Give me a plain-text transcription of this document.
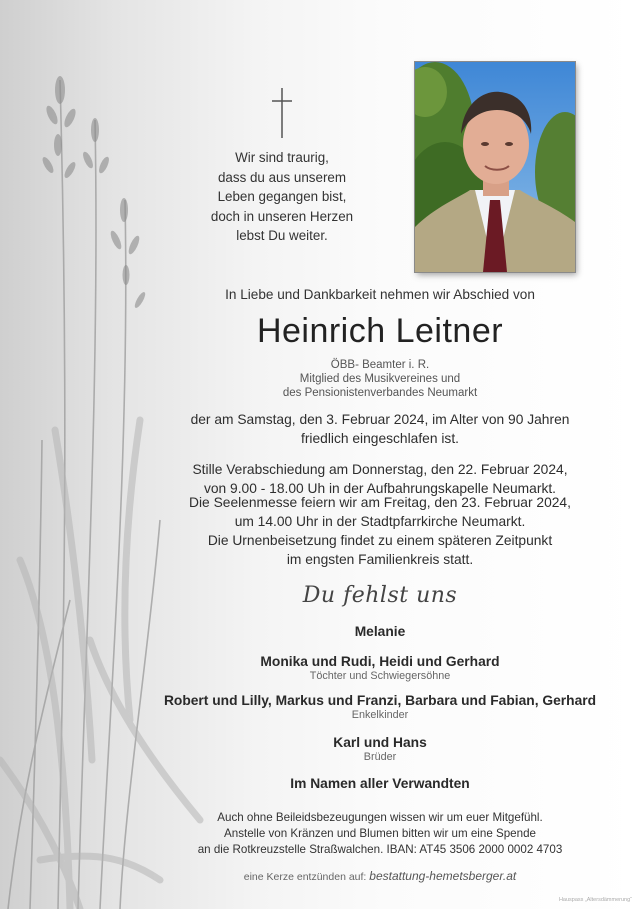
Wir sind traurig,
dass du aus unserem
Leben gegangen bist,
doch in unseren Herzen
lebst Du weiter.
In Liebe und Dankbarkeit nehmen wir Abschied von
Heinrich Leitner
ÖBB- Beamter i. R.
Mitglied des Musikvereines und
des Pensionistenverbandes Neumarkt
der am Samstag, den 3. Februar 2024, im Alter von 90 Jahren
friedlich eingeschlafen ist.
Stille Verabschiedung am Donnerstag, den 22. Februar 2024,
von 9.00 - 18.00 Uh in der Aufbahrungskapelle Neumarkt.
Die Seelenmesse feiern wir am Freitag, den 23. Februar 2024,
um 14.00 Uhr in der Stadtpfarrkirche Neumarkt.
Die Urnenbeisetzung findet zu einem späteren Zeitpunkt
im engsten Familienkreis statt.
Du fehlst uns
Melanie
Monika und Rudi, Heidi und Gerhard
Töchter und Schwiegersöhne
Robert und Lilly, Markus und Franzi, Barbara und Fabian, Gerhard
Enkelkinder
Karl und Hans
Brüder
Im Namen aller Verwandten
Auch ohne Beileidsbezeugungen wissen wir um euer Mitgefühl.
Anstelle von Kränzen und Blumen bitten wir um eine Spende
an die Rotkreuzstelle Straßwalchen. IBAN: AT45 3506 2000 0002 4703
eine Kerze entzünden auf: bestattung-hemetsberger.at
Hauspass „Altersdämmerung“
